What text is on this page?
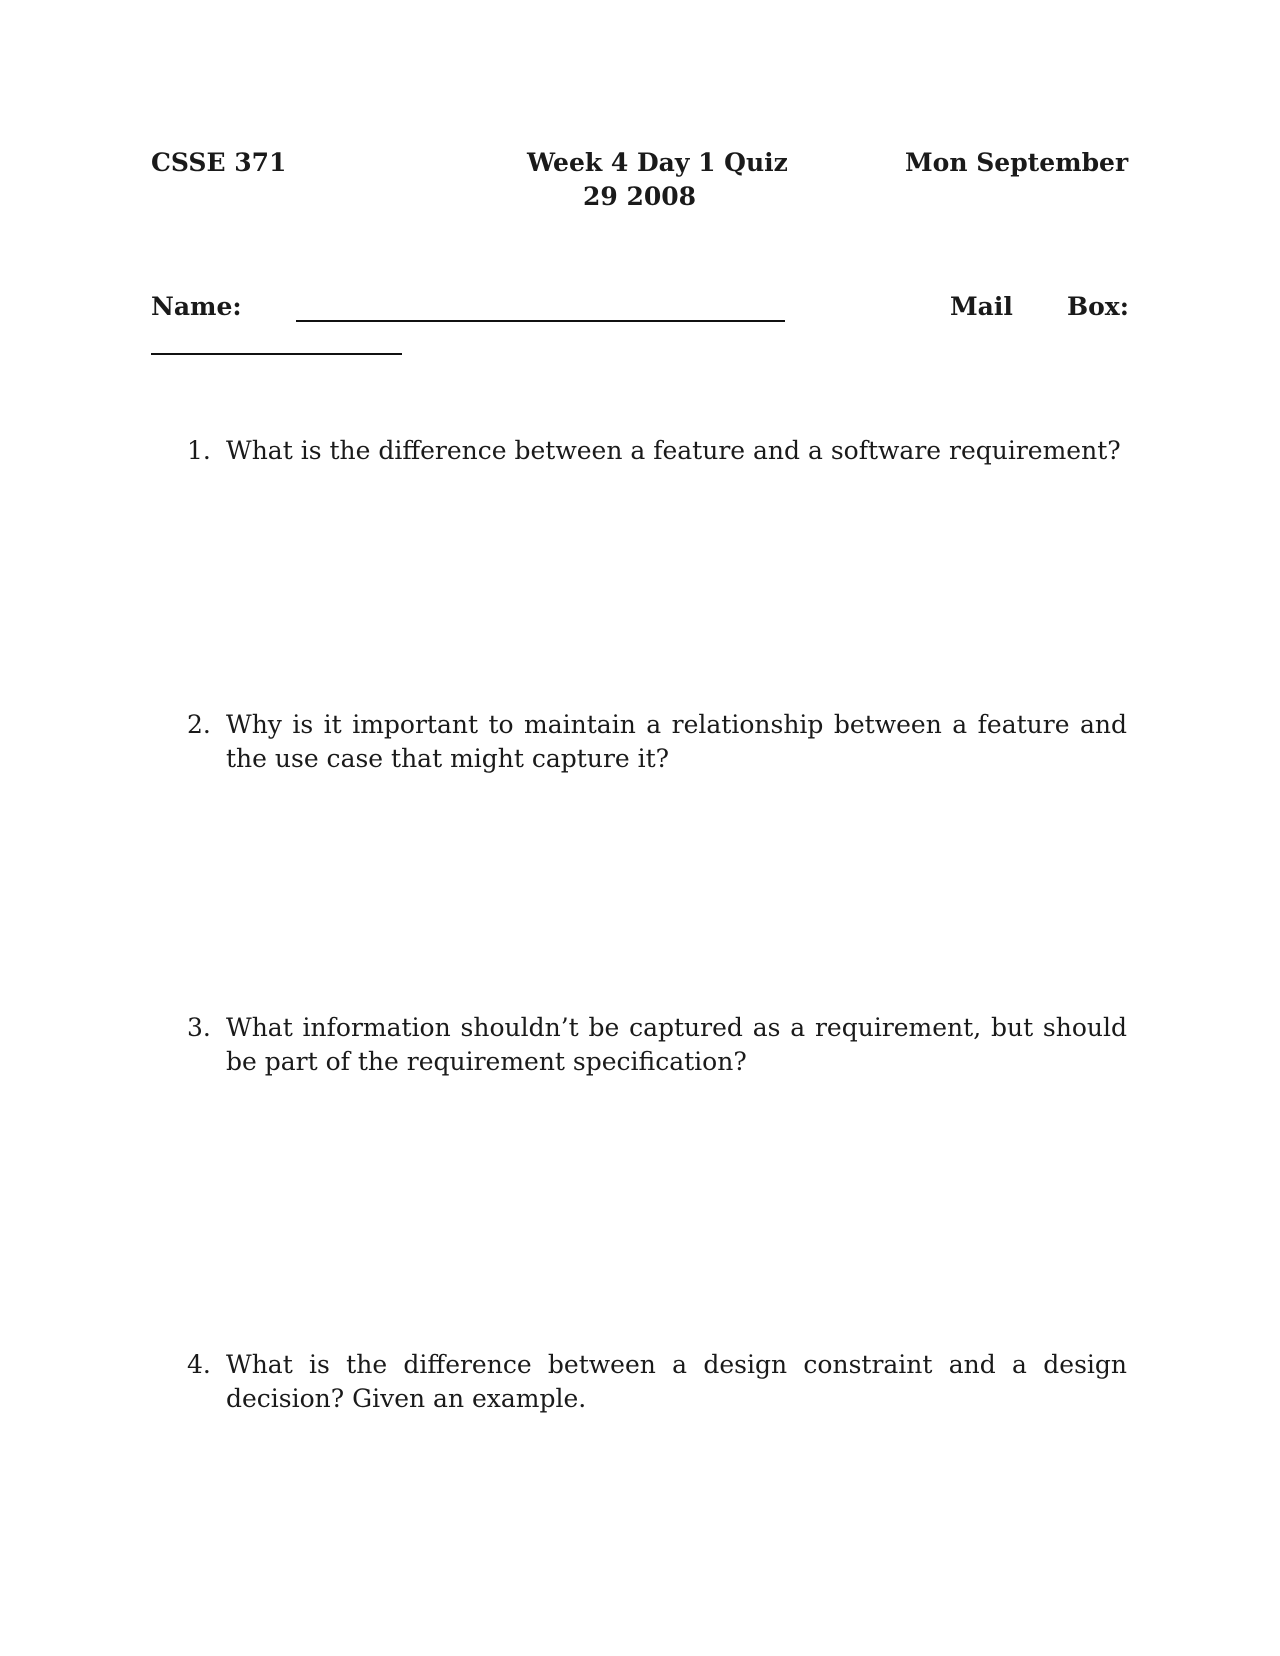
CSSE 371	Week 4 Day 1 Quiz	Mon September
29 2008
Name:	Mail Box:
1. What is the difference between a feature and a software requirement?
2. Why is it important to maintain a relationship between a feature and the use case that might capture it?
3. What information shouldn’t be captured as a requirement, but should be part of the requirement specification?
4. What is the difference between a design constraint and a design decision? Given an example.
